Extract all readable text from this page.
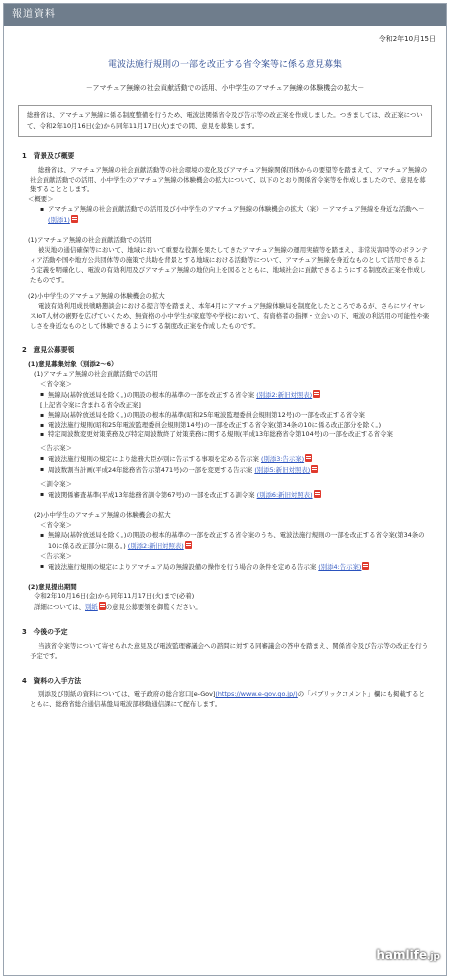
報道資料
令和2年10月15日
電波法施行規則の一部を改正する省令案等に係る意見募集
－アマチュア無線の社会貢献活動での活用、小中学生のアマチュア無線の体験機会の拡大－
総務省は、アマチュア無線に係る制度整備を行うため、電波法関係省令及び告示等の改正案を作成しました。つきましては、改正案について、令和2年10月16日(金)から同年11月17日(火)までの間、意見を募集します。
1　背景及び概要
総務省は、アマチュア無線の社会貢献活動等の社会環境の変化及びアマチュア無線関係団体からの要望等を踏まえて、アマチュア無線の社会貢献活動での活用、小中学生のアマチュア無線の体験機会の拡大について、以下のとおり関係省令案等を作成しましたので、意見を募集することとします。
＜概要＞
▪ アマチュア無線の社会貢献活動での活用及び小中学生のアマチュア無線の体験機会の拡大（案）－アマチュア無線を身近な活動へ－ (別添1)
(1)アマチュア無線の社会貢献活動での活用
被災地の通信確保等において、地域において重要な役割を果たしてきたアマチュア無線の運用実績等を踏まえ、非常災害時等のボランティア活動や国や地方公共団体等の施策で共助を背景とする地域における活動等について、アマチュア無線を身近なものとして活用できるよう定義を明確化し、電波の有効利用及びアマチュア無線の地位向上を図るとともに、地域社会に貢献できるようにする制度改正案を作成したものです。
(2)小中学生のアマチュア無線の体験機会の拡大
電波有効利用成長戦略懇談会における提言等を踏まえ、本年4月にアマチュア無線体験局を制度化したところであるが、さらにワイヤレスIoT人材の裾野を広げていくため、無資格の小中学生が家庭等や学校において、有資格者の指揮・立会いの下、電波の利活用の可能性や楽しさを身近なものとして体験できるようにする制度改正案を作成したものです。
2　意見公募要領
(1)意見募集対象（別添2～6）
(1)アマチュア無線の社会貢献活動での活用
＜省令案＞
▪ 無線局(基幹放送局を除く。)の開設の根本的基準の一部を改正する省令案 (別添2:新旧対照表)
[上記省令案に含まれる省令改正案]
▪ 無線局(基幹放送局を除く。)の開設の根本的基準(昭和25年電波監理委員会規則第12号)の一部を改正する省令案
▪ 電波法施行規則(昭和25年電波監理委員会規則第14号)の一部を改正する省令案(第34条の10に係る改正部分を除く。)
▪ 特定周波数変更対策業務及び特定周波数終了対策業務に関する規則(平成13年総務省令第104号)の一部を改正する省令案
＜告示案＞
▪ 電波法施行規則の規定により総務大臣が別に告示する事項を定める告示案 (別添3:告示案)
▪ 周波数割当計画(平成24年総務省告示第471号)の一部を変更する告示案 (別添5:新旧対照表)
＜訓令案＞
▪ 電波関係審査基準(平成13年総務省訓令第67号)の一部を改正する訓令案 (別添6:新旧対照表)
(2)小中学生のアマチュア無線の体験機会の拡大
＜省令案＞
▪ 無線局(基幹放送局を除く。)の開設の根本的基準の一部を改正する省令案のうち、電波法施行規則の一部を改正する省令案(第34条の10に係る改正部分に限る。) (別添2:新旧対照表)
＜告示案＞
▪ 電波法施行規則の規定によりアマチュア局の無線設備の操作を行う場合の条件を定める告示案 (別添4:告示案)
(2)意見提出期間
令和2年10月16日(金)から同年11月17日(火)まで(必着)
詳細については、別紙 の意見公募要領を御覧ください。
3　今後の予定
当該省令案等について寄せられた意見及び電波監理審議会への諮問に対する同審議会の答申を踏まえ、関係省令及び告示等の改正を行う予定です。
4　資料の入手方法
別添及び別紙の資料については、電子政府の総合窓口[e-Gov](https://www.e-gov.go.jp/)の「パブリックコメント」欄にも掲載するとともに、総務省総合通信基盤局電波部移動通信課にて配布します。
hamlife.jp
